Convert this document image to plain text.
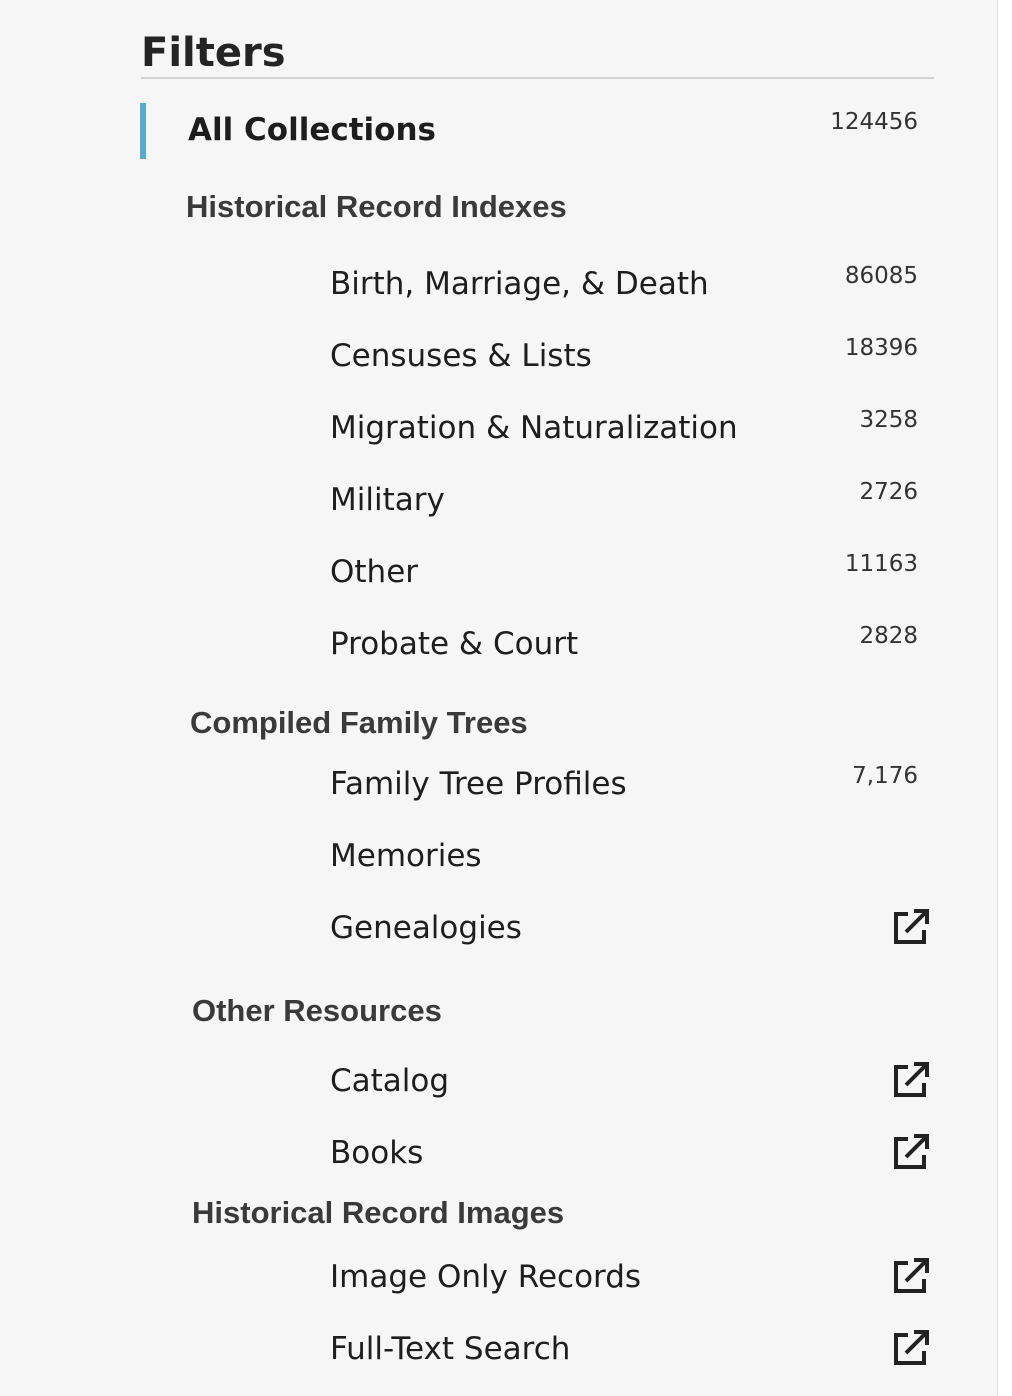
Filters
All Collections	124456
Historical Record Indexes
Birth, Marriage, & Death	86085
Censuses & Lists	18396
Migration & Naturalization	3258
Military	2726
Other	11163
Probate & Court	2828
Compiled Family Trees
Family Tree Profiles	7,176
Memories
Genealogies
Other Resources
Catalog
Books
Historical Record Images
Image Only Records
Full-Text Search
